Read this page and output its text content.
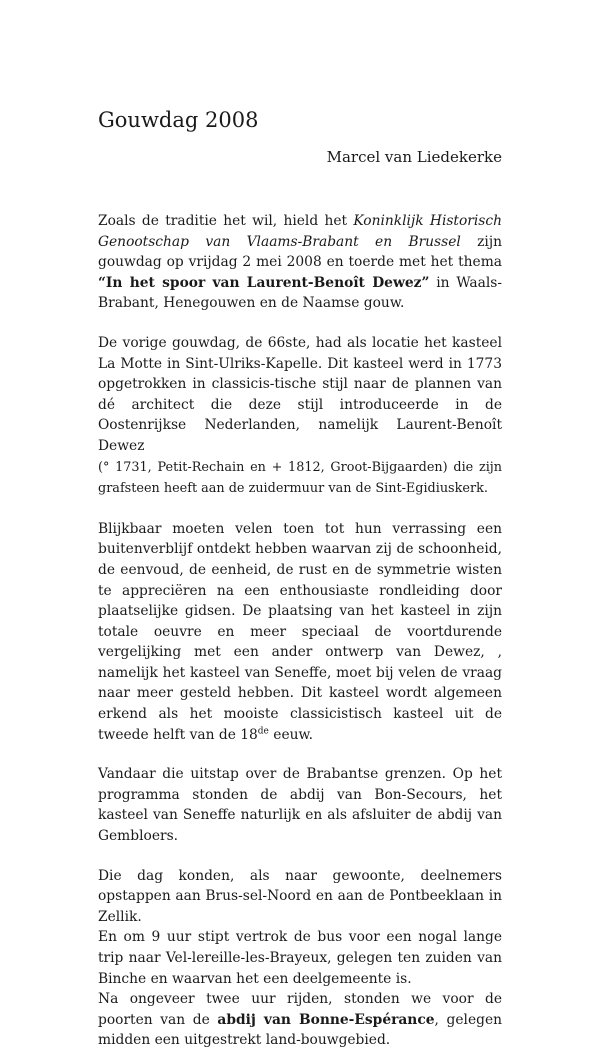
Gouwdag 2008
Marcel van Liedekerke

Zoals de traditie het wil, hield het Koninklijk Historisch Genootschap van Vlaams-Brabant en Brussel zijn gouwdag op vrijdag 2 mei 2008 en toerde met het thema “In het spoor van Laurent-Benoît Dewez” in Waals-Brabant, Henegouwen en de Naamse gouw.

De vorige gouwdag, de 66ste, had als locatie het kasteel La Motte in Sint-Ulriks-Kapelle. Dit kasteel werd in 1773 opgetrokken in classicis-tische stijl naar de plannen van dé architect die deze stijl introduceerde in de Oostenrijkse Nederlanden, namelijk Laurent-Benoît Dewez
(° 1731, Petit-Rechain en + 1812, Groot-Bijgaarden) die zijn grafsteen heeft aan de zuidermuur van de Sint-Egidiuskerk.

Blijkbaar moeten velen toen tot hun verrassing een buitenverblijf ontdekt hebben waarvan zij de schoonheid, de eenvoud, de eenheid, de rust en de symmetrie wisten te appreciëren na een enthousiaste rondleiding door plaatselijke gidsen. De plaatsing van het kasteel in zijn totale oeuvre en meer speciaal de voortdurende vergelijking met een ander ontwerp van Dewez, , namelijk het kasteel van Seneffe, moet bij velen de vraag naar meer gesteld hebben. Dit kasteel wordt algemeen erkend als het mooiste classicistisch kasteel uit de tweede helft van de 18de eeuw.

Vandaar die uitstap over de Brabantse grenzen. Op het programma stonden de abdij van Bon-Secours, het kasteel van Seneffe naturlijk en als afsluiter de abdij van Gembloers.

Die dag konden, als naar gewoonte, deelnemers opstappen aan Brus-sel-Noord en aan de Pontbeeklaan in Zellik.

En om 9 uur stipt vertrok de bus voor een nogal lange trip naar Vel-lereille-les-Brayeux, gelegen ten zuiden van Binche en waarvan het een deelgemeente is.

Na ongeveer twee uur rijden, stonden we voor de poorten van de abdij van Bonne-Espérance, gelegen midden een uitgestrekt land-bouwgebied.
